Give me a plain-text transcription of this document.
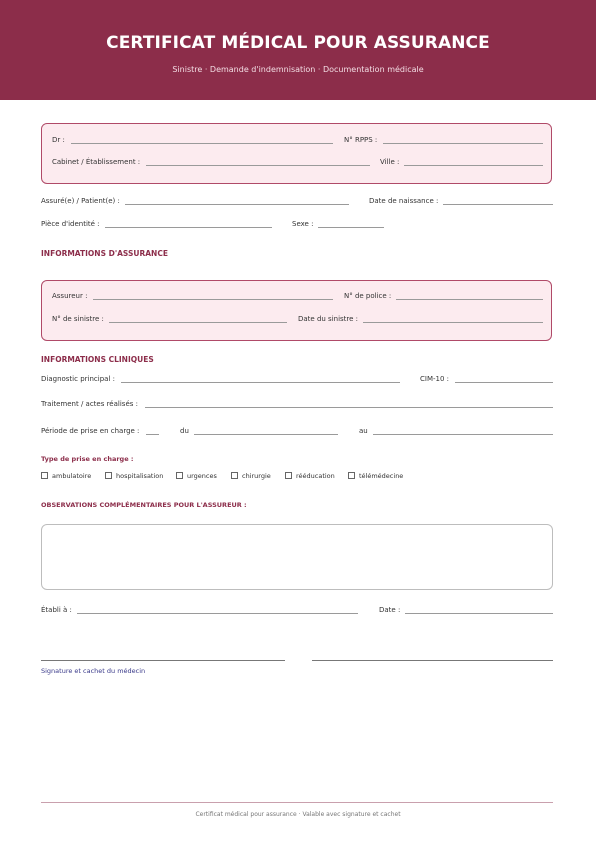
CERTIFICAT MÉDICAL POUR ASSURANCE
Sinistre · Demande d'indemnisation · Documentation médicale
Dr :	N° RPPS :
Cabinet / Établissement :	Ville :
Assuré(e) / Patient(e) :	Date de naissance :
Pièce d'identité :	Sexe :
INFORMATIONS D'ASSURANCE
Assureur :	N° de police :
N° de sinistre :	Date du sinistre :
INFORMATIONS CLINIQUES
Diagnostic principal :	CIM-10 :
Traitement / actes réalisés :
Période de prise en charge :	du	au
Type de prise en charge :
ambulatoire	hospitalisation	urgences	chirurgie	rééducation	télémédecine
OBSERVATIONS COMPLÉMENTAIRES POUR L'ASSUREUR :
Établi à :	Date :
Signature et cachet du médecin
Certificat médical pour assurance · Valable avec signature et cachet
